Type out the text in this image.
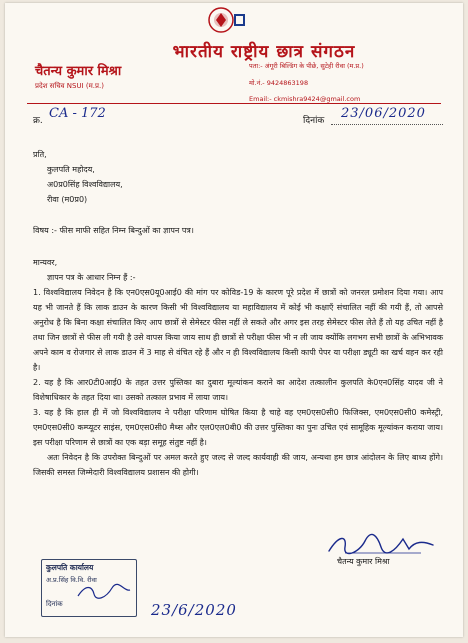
भारतीय राष्ट्रीय छात्र संगठन
चैतन्य कुमार मिश्रा
प्रदेश सचिव NSUI (म.प्र.)
पता:- अंगूरी बिल्डिंग के पीछे, सुटेही रीवा (म.प्र.)
मो.नं.- 9424863198
Email:- ckmishra9424@gmail.com
क्र. CA - 172	दिनांक 23/06/2020
प्रति,
कुलपति महोदय,
अ0प्र0सिंह विश्वविद्यालय,
रीवा (म0प्र0)
विषय :- फीस माफी सहित निम्न बिन्दुओं का ज्ञापन पत्र।

मान्यवर,

ज्ञापन पत्र के आधार निम्न हैं :-

1. विश्वविद्यालय निवेदन है कि एन0एस0यू0आई0 की मांग पर कोविड-19 के कारण पूरे प्रदेश में छात्रों को जनरल प्रमोशन दिया गया। आप यह भी जानते हैं कि लाक डाउन के कारण किसी भी विश्वविद्यालय या महाविद्यालय में कोई भी कक्षाएँ संचालित नहीं की गयी हैं, तो आपसे अनुरोध है कि बिना कक्षा संचालित किए आप छात्रों से सेमेस्टर फीस नहीं ले सकते और अगर इस तरह सेमेस्टर फीस लेते हैं तो यह उचित नहीं है तथा जिन छात्रों से फीस ली गयी है उसे वापस किया जाय साथ ही छात्रों से परीक्षा फीस भी न ली जाय क्योंकि लगभग सभी छात्रों के अभिभावक अपने काम व रोजगार से लाक डाउन में 3 माह से वंचित रहे हैं और न ही विश्वविद्यालय किसी कापी पेपर या परीक्षा ड्यूटी का खर्च वहन कर रही है।

2. यह है कि आर0टी0आई0 के तहत उत्तर पुस्तिका का दुबारा मूल्यांकन कराने का आदेश तत्कालीन कुलपति के0एन0सिंह यादव जी ने विशेषाधिकार के तहत दिया था। उसको तत्काल प्रभाव में लाया जाय।

3. यह है कि हाल ही में जो विश्वविद्यालय ने परीक्षा परिणाम घोषित किया है चाहे वह एम0एस0सी0 फिजिक्स, एम0एस0सी0 कमेस्ट्री, एम0एस0सी0 कम्प्यूटर साइंस, एम0एस0सी0 मैथ्स और एल0एल0बी0 की उत्तर पुस्तिका का पुनः उचित एवं सामूहिक मूल्यांकन कराया जाय। इस परीक्षा परिणाम से छात्रों का एक बड़ा समूह संतुष्ट नहीं है।

अतः निवेदन है कि उपरोक्त बिन्दुओं पर अमल करते हुए जल्द से जल्द कार्यवाही की जाय, अन्यथा हम छात्र आंदोलन के लिए बाध्य होंगे। जिसकी समस्त जिम्मेदारी विश्वविद्यालय प्रशासन की होगी।

चैतन्य कुमार मिश्रा
कुलपति कार्यालय
अ.प्र.सिंह वि.वि. रीवा
दिनांक	23/6/2020
